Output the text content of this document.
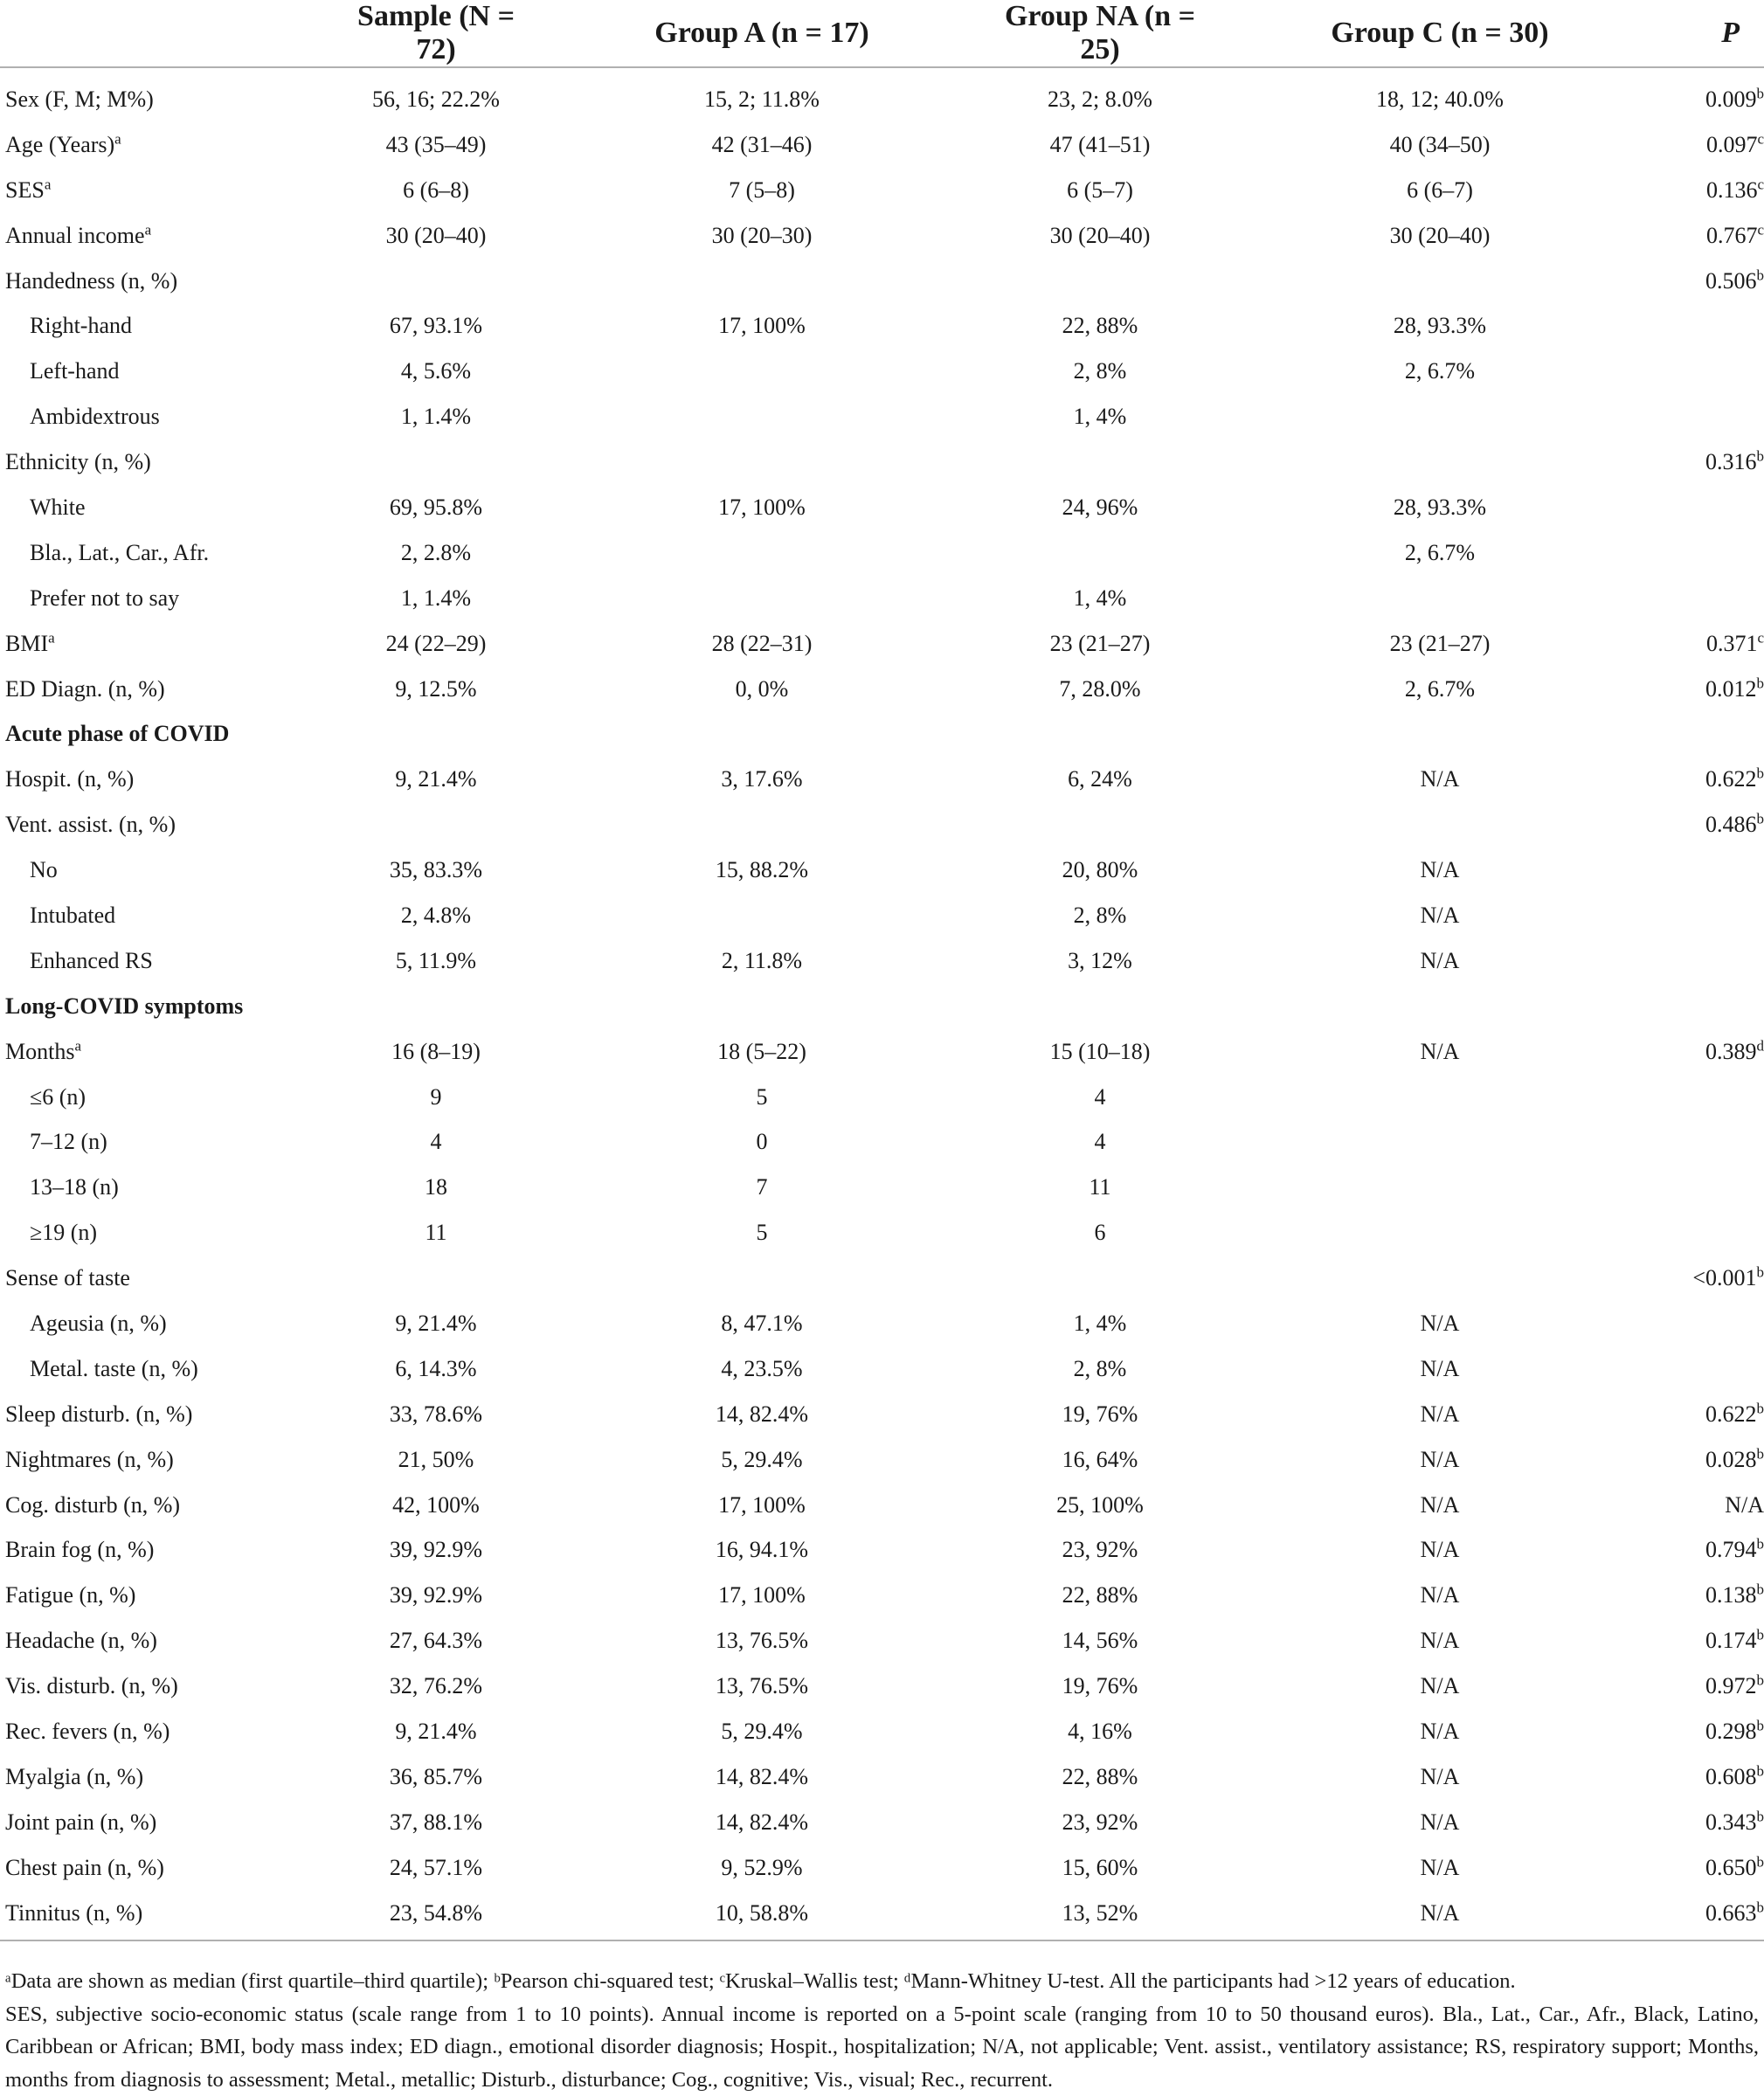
	Sample (N = 72)	Group A (n = 17)	Group NA (n = 25)	Group C (n = 30)	P
Sex (F, M; M%)	56, 16; 22.2%	15, 2; 11.8%	23, 2; 8.0%	18, 12; 40.0%	0.009$^b$
Age (Years)$^a$	43 (35–49)	42 (31–46)	47 (41–51)	40 (34–50)	0.097$^c$
SES$^a$	6 (6–8)	7 (5–8)	6 (5–7)	6 (6–7)	0.136$^c$
Annual income$^a$	30 (20–40)	30 (20–30)	30 (20–40)	30 (20–40)	0.767$^c$
Handedness (n, %)					0.506$^b$
Right-hand	67, 93.1%	17, 100%	22, 88%	28, 93.3%	
Left-hand	4, 5.6%		2, 8%	2, 6.7%	
Ambidextrous	1, 1.4%		1, 4%		
Ethnicity (n, %)					0.316$^b$
White	69, 95.8%	17, 100%	24, 96%	28, 93.3%	
Bla., Lat., Car., Afr.	2, 2.8%			2, 6.7%	
Prefer not to say	1, 1.4%		1, 4%		
BMI$^a$	24 (22–29)	28 (22–31)	23 (21–27)	23 (21–27)	0.371$^c$
ED Diagn. (n, %)	9, 12.5%	0, 0%	7, 28.0%	2, 6.7%	0.012$^b$
Acute phase of COVID					
Hospit. (n, %)	9, 21.4%	3, 17.6%	6, 24%	N/A	0.622$^b$
Vent. assist. (n, %)					0.486$^b$
No	35, 83.3%	15, 88.2%	20, 80%	N/A	
Intubated	2, 4.8%		2, 8%	N/A	
Enhanced RS	5, 11.9%	2, 11.8%	3, 12%	N/A	
Long-COVID symptoms					
Months$^a$	16 (8–19)	18 (5–22)	15 (10–18)	N/A	0.389$^d$
≤6 (n)	9	5	4		
7–12 (n)	4	0	4		
13–18 (n)	18	7	11		
≥19 (n)	11	5	6		
Sense of taste					<0.001$^b$
Ageusia (n, %)	9, 21.4%	8, 47.1%	1, 4%	N/A	
Metal. taste (n, %)	6, 14.3%	4, 23.5%	2, 8%	N/A	
Sleep disturb. (n, %)	33, 78.6%	14, 82.4%	19, 76%	N/A	0.622$^b$
Nightmares (n, %)	21, 50%	5, 29.4%	16, 64%	N/A	0.028$^b$
Cog. disturb (n, %)	42, 100%	17, 100%	25, 100%	N/A	N/A
Brain fog (n, %)	39, 92.9%	16, 94.1%	23, 92%	N/A	0.794$^b$
Fatigue (n, %)	39, 92.9%	17, 100%	22, 88%	N/A	0.138$^b$
Headache (n, %)	27, 64.3%	13, 76.5%	14, 56%	N/A	0.174$^b$
Vis. disturb. (n, %)	32, 76.2%	13, 76.5%	19, 76%	N/A	0.972$^b$
Rec. fevers (n, %)	9, 21.4%	5, 29.4%	4, 16%	N/A	0.298$^b$
Myalgia (n, %)	36, 85.7%	14, 82.4%	22, 88%	N/A	0.608$^b$
Joint pain (n, %)	37, 88.1%	14, 82.4%	23, 92%	N/A	0.343$^b$
Chest pain (n, %)	24, 57.1%	9, 52.9%	15, 60%	N/A	0.650$^b$
Tinnitus (n, %)	23, 54.8%	10, 58.8%	13, 52%	N/A	0.663$^b$

ᵃData are shown as median (first quartile–third quartile); ᵇPearson chi-squared test; ᶜKruskal–Wallis test; ᵈMann-Whitney U-test. All the participants had >12 years of education.

SES, subjective socio-economic status (scale range from 1 to 10 points). Annual income is reported on a 5-point scale (ranging from 10 to 50 thousand euros). Bla., Lat., Car., Afr., Black, Latino, Caribbean or African; BMI, body mass index; ED diagn., emotional disorder diagnosis; Hospit., hospitalization; N/A, not applicable; Vent. assist., ventilatory assistance; RS, respiratory support; Months, months from diagnosis to assessment; Metal., metallic; Disturb., disturbance; Cog., cognitive; Vis., visual; Rec., recurrent.
